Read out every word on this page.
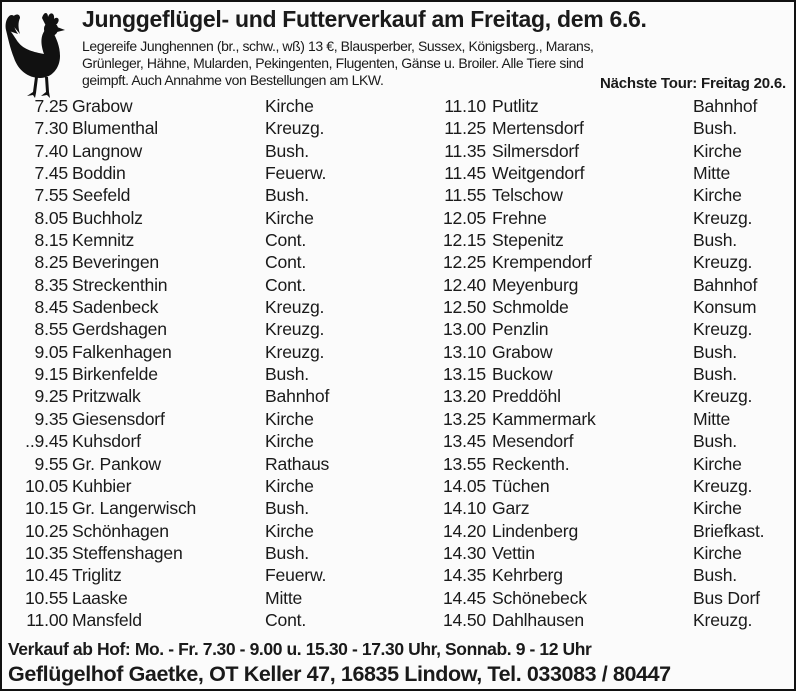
Junggeflügel- und Futterverkauf am Freitag, dem 6.6.
Legereife Junghennen (br., schw., wß) 13 €, Blausperber, Sussex, Königsberg., Marans,
Grünleger, Hähne, Mularden, Pekingenten, Flugenten, Gänse u. Broiler. Alle Tiere sind
geimpft. Auch Annahme von Bestellungen am LKW.	Nächste Tour: Freitag 20.6.
7.25 Grabow	Kirche
7.30 Blumenthal	Kreuzg.
7.40 Langnow	Bush.
7.45 Boddin	Feuerw.
7.55 Seefeld	Bush.
8.05 Buchholz	Kirche
8.15 Kemnitz	Cont.
8.25 Beveringen	Cont.
8.35 Streckenthin	Cont.
8.45 Sadenbeck	Kreuzg.
8.55 Gerdshagen	Kreuzg.
9.05 Falkenhagen	Kreuzg.
9.15 Birkenfelde	Bush.
9.25 Pritzwalk	Bahnhof
9.35 Giesensdorf	Kirche
..9.45 Kuhsdorf	Kirche
9.55 Gr. Pankow	Rathaus
10.05 Kuhbier	Kirche
10.15 Gr. Langerwisch	Bush.
10.25 Schönhagen	Kirche
10.35 Steffenshagen	Bush.
10.45 Triglitz	Feuerw.
10.55 Laaske	Mitte
11.00 Mansfeld	Cont.
11.10 Putlitz	Bahnhof
11.25 Mertensdorf	Bush.
11.35 Silmersdorf	Kirche
11.45 Weitgendorf	Mitte
11.55 Telschow	Kirche
12.05 Frehne	Kreuzg.
12.15 Stepenitz	Bush.
12.25 Krempendorf	Kreuzg.
12.40 Meyenburg	Bahnhof
12.50 Schmolde	Konsum
13.00 Penzlin	Kreuzg.
13.10 Grabow	Bush.
13.15 Buckow	Bush.
13.20 Preddöhl	Kreuzg.
13.25 Kammermark	Mitte
13.45 Mesendorf	Bush.
13.55 Reckenth.	Kirche
14.05 Tüchen	Kreuzg.
14.10 Garz	Kirche
14.20 Lindenberg	Briefkast.
14.30 Vettin	Kirche
14.35 Kehrberg	Bush.
14.45 Schönebeck	Bus Dorf
14.50 Dahlhausen	Kreuzg.
Verkauf ab Hof: Mo. - Fr. 7.30 - 9.00 u. 15.30 - 17.30 Uhr, Sonnab. 9 - 12 Uhr
Geflügelhof Gaetke, OT Keller 47, 16835 Lindow, Tel. 033083 / 80447
